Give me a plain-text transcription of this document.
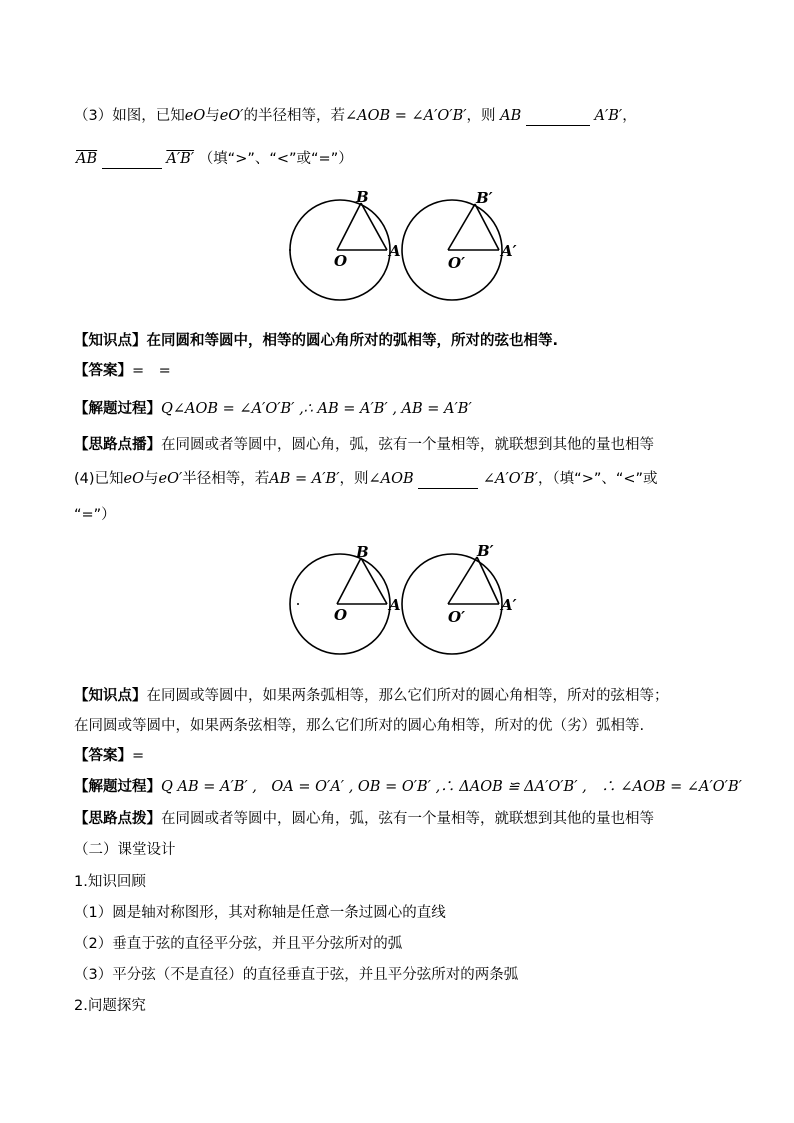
（3）如图，已知eO与eO′的半径相等，若∠AOB = ∠A′O′B′，则 AB	A′B′，
$\overline{AB}$	A′B′ （填“>”、“<”或“=”）
B
O
A
B′
O′
A′
【知识点】在同圆和等圆中，相等的圆心角所对的弧相等，所对的弦也相等.
【答案】=　=
【解题过程】Q∠AOB = ∠A′O′B′ ,∴ AB = A′B′ , AB = A′B′
【思路点播】在同圆或者等圆中，圆心角，弧，弦有一个量相等，就联想到其他的量也相等
(4)已知eO与eO′半径相等，若AB = A′B′，则∠AOB	∠A′O′B′，（填“>”、“<”或
“=”）
B
O
A
B′
O′
A′
【知识点】在同圆或等圆中，如果两条弧相等，那么它们所对的圆心角相等，所对的弦相等；
在同圆或等圆中，如果两条弦相等，那么它们所对的圆心角相等，所对的优（劣）弧相等.
【答案】=
【解题过程】Q AB = A′B′ ,　OA = O′A′ , OB = O′B′ ,∴ ΔAOB ≌ ΔA′O′B′ ,　∴ ∠AOB = ∠A′O′B′
【思路点拨】在同圆或者等圆中，圆心角，弧，弦有一个量相等，就联想到其他的量也相等
（二）课堂设计
1.知识回顾
（1）圆是轴对称图形，其对称轴是任意一条过圆心的直线
（2）垂直于弦的直径平分弦，并且平分弦所对的弧
（3）平分弦（不是直径）的直径垂直于弦，并且平分弦所对的两条弧
2.问题探究
